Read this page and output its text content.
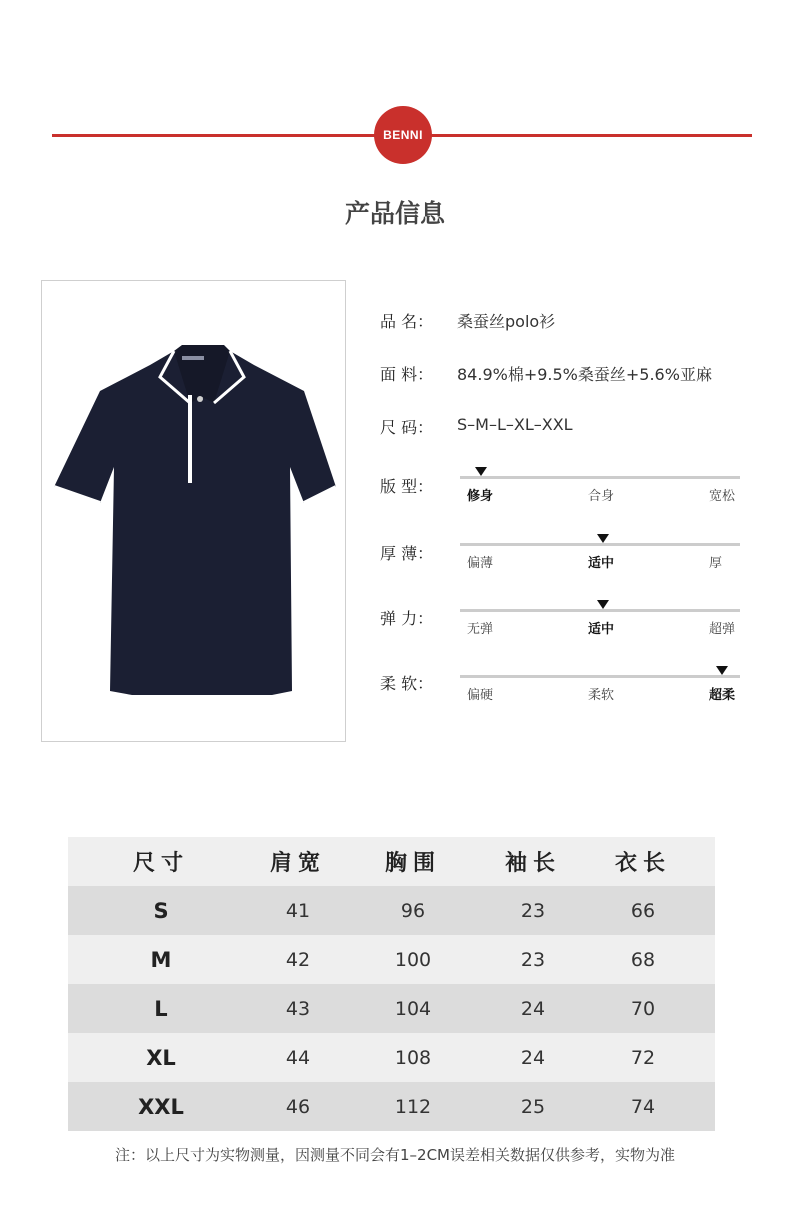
BENNI
产品信息
品 名： 桑蚕丝polo衫
面 料： 84.9%棉+9.5%桑蚕丝+5.6%亚麻
尺 码： S–M–L–XL–XXL
版 型：
修身	合身	宽松
厚 薄：
偏薄	适中	厚
弹 力：
无弹	适中	超弹
柔 软：
偏硬	柔软	超柔
尺寸	肩宽	胸围	袖长	衣长
S	41	96	23	66
M	42	100	23	68
L	43	104	24	70
XL	44	108	24	72
XXL	46	112	25	74
注：以上尺寸为实物测量，因测量不同会有1–2CM误差相关数据仅供参考，实物为准
